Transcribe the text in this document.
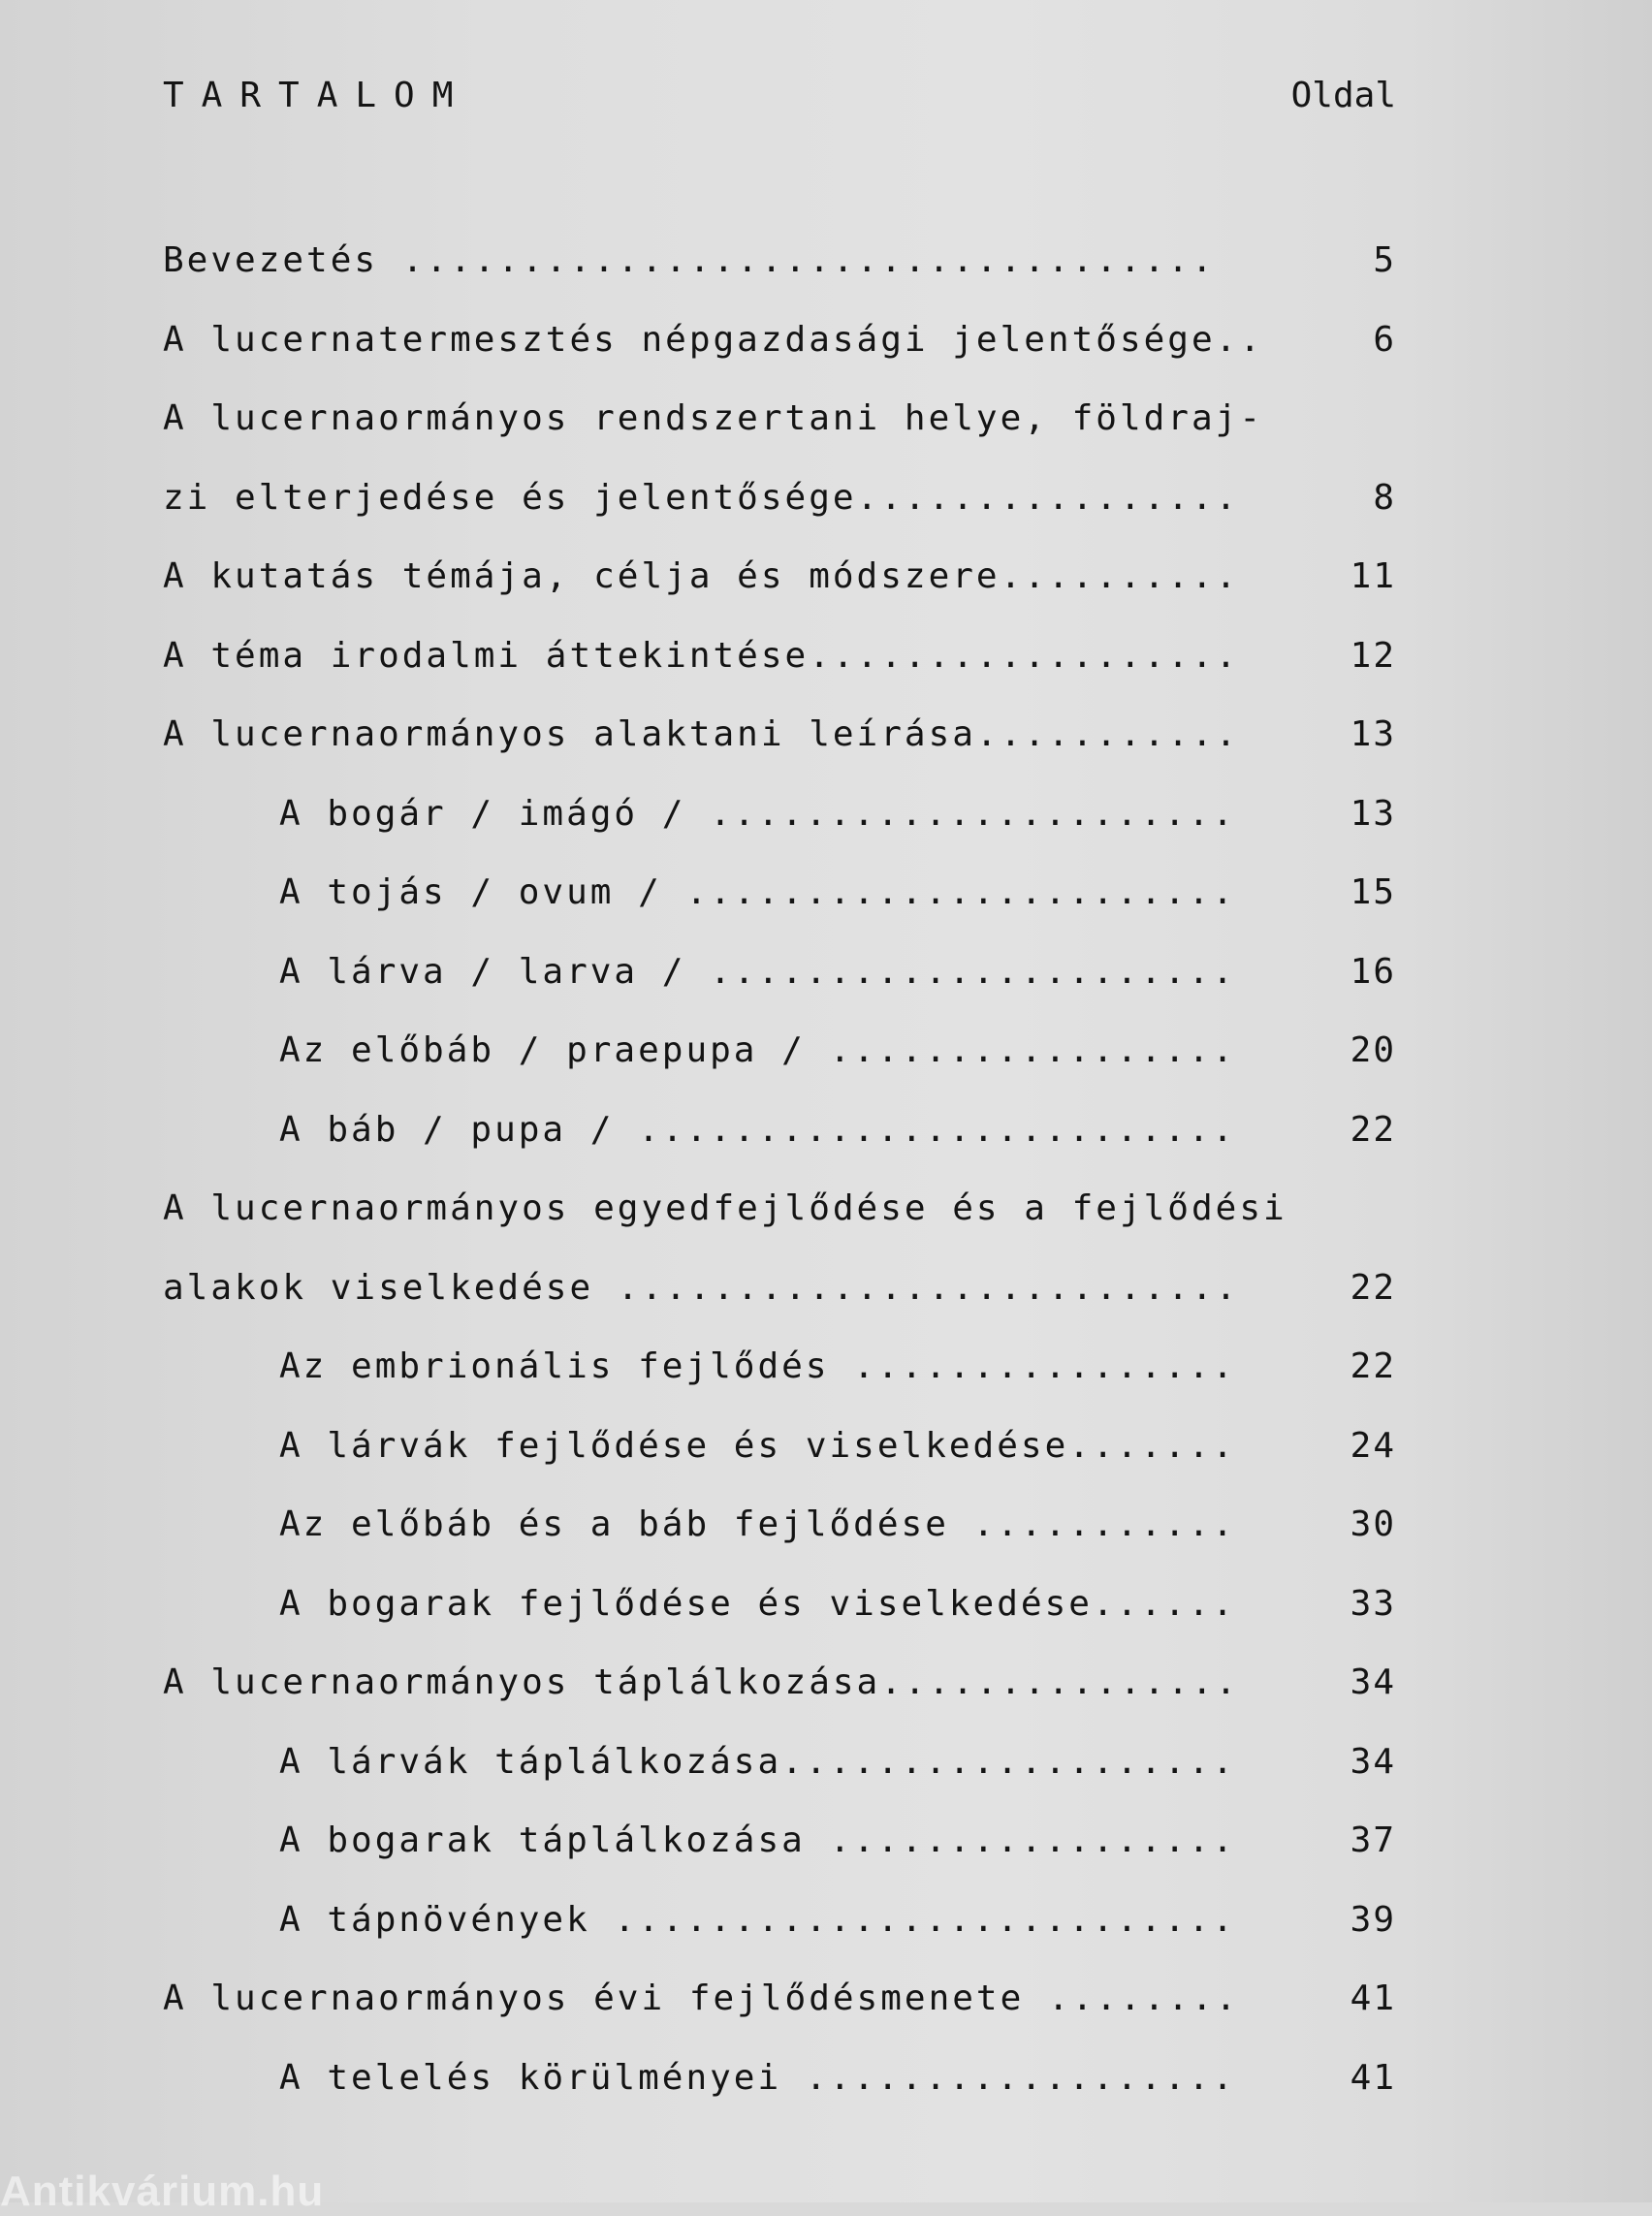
TARTALOM	Oldal
Bevezetés ..................................	5
A lucernatermesztés népgazdasági jelentősége..	6
A lucernaormányos rendszertani helye, földraj-
zi elterjedése és jelentősége................	8
A kutatás témája, célja és módszere..........	11
A téma irodalmi áttekintése..................	12
A lucernaormányos alaktani leírása...........	13
A bogár / imágó / ......................	13
A tojás / ovum / .......................	15
A lárva / larva / ......................	16
Az előbáb / praepupa / .................	20
A báb / pupa / .........................	22
A lucernaormányos egyedfejlődése és a fejlődési
alakok viselkedése ..........................	22
Az embrionális fejlődés ................	22
A lárvák fejlődése és viselkedése.......	24
Az előbáb és a báb fejlődése ...........	30
A bogarak fejlődése és viselkedése......	33
A lucernaormányos táplálkozása...............	34
A lárvák táplálkozása...................	34
A bogarak táplálkozása .................	37
A tápnövények ..........................	39
A lucernaormányos évi fejlődésmenete ........	41
A telelés körülményei ..................	41
Antikvárium.hu
